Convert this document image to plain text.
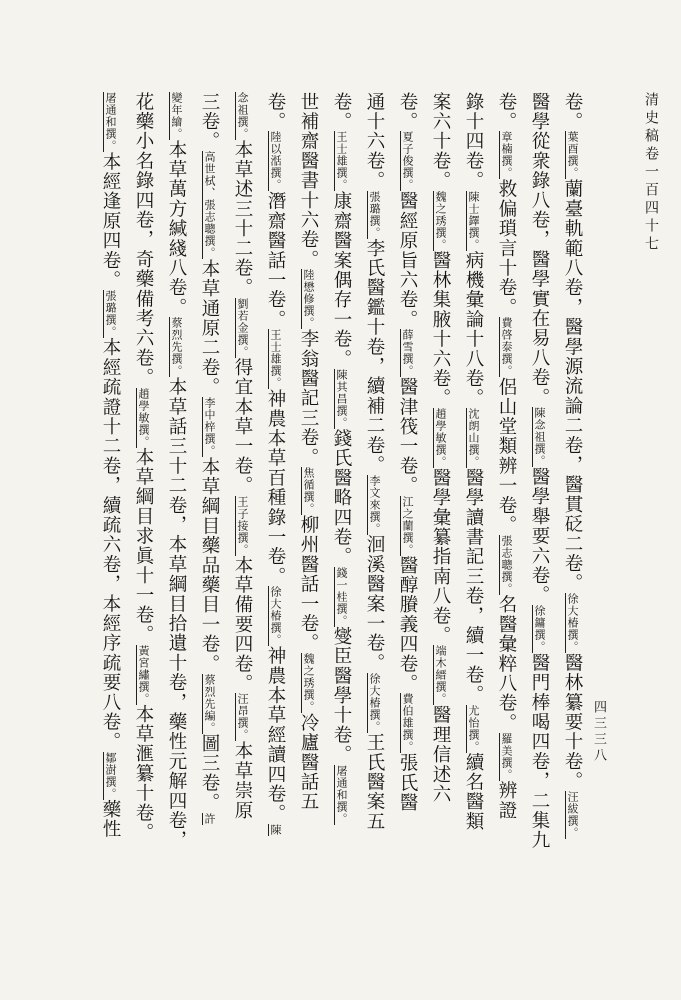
清史稿卷一百四十七
四三三八
卷。葉酉撰。蘭臺軌範八卷，醫學源流論二卷，醫貫砭二卷。徐大椿撰。醫林纂要十卷。汪紱撰。
醫學從衆錄八卷，醫學實在易八卷。陳念祖撰。醫學舉要六卷。徐鏞撰。醫門棒喝四卷，二集九
卷。章楠撰。救偏瑣言十卷。費啓泰撰。侶山堂類辨一卷。張志聰撰。名醫彙粹八卷。羅美撰。辨證
錄十四卷。陳士鐸撰。病機彙論十八卷。沈朗山撰。醫學讀書記三卷，續一卷。尤怡撰。續名醫類
案六十卷。魏之琇撰。醫林集腋十六卷。趙學敏撰。醫學彙纂指南八卷。端木縉撰。醫理信述六
卷。夏子俊撰。醫經原旨六卷。薛雪撰。醫津筏一卷。江之蘭撰。醫醇賸義四卷。費伯雄撰。張氏醫
通十六卷。張璐撰。李氏醫鑑十卷，續補二卷。李文來撰。洄溪醫案一卷。徐大椿撰。王氏醫案五
卷。王士雄撰。康齋醫案偶存一卷。陳其昌撰。錢氏醫略四卷。錢一桂撰。燮臣醫學十卷。屠通和撰。
世補齋醫書十六卷。陸懋修撰。李翁醫記三卷。焦循撰。柳州醫話一卷。魏之琇撰。冷廬醫話五
卷。陸以湉撰。潛齋醫話一卷。王士雄撰。神農本草百種錄一卷。徐大椿撰。神農本草經讀四卷。陳
念祖撰。本草述三十二卷。劉若金撰。得宜本草一卷。王子接撰。本草備要四卷。汪昂撰。本草崇原
三卷。高世栻、張志聰撰。本草通原二卷。李中梓撰。本草綱目藥品藥目一卷。蔡烈先編。圖三卷。許
變年繪。本草萬方緘綫八卷。蔡烈先撰。本草話三十二卷，本草綱目拾遺十卷，藥性元解四卷，
花藥小名錄四卷，奇藥備考六卷。趙學敏撰。本草綱目求眞十一卷。黃宮繡撰。本草滙纂十卷。
屠通和撰。本經逢原四卷。張璐撰。本經疏證十二卷，續疏六卷，本經序疏要八卷。鄒澍撰。藥性
